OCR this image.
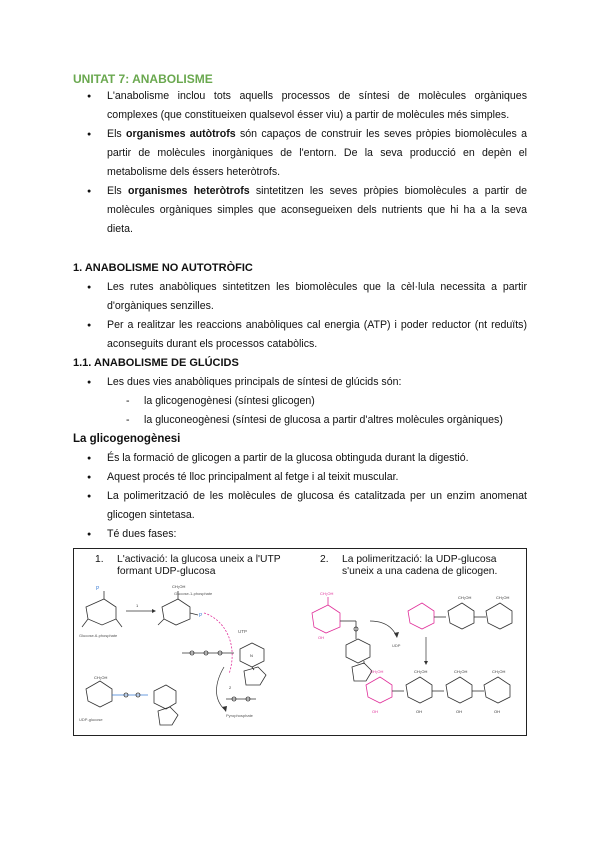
UNITAT 7: ANABOLISME
● L'anabolisme inclou tots aquells processos de síntesi de molècules orgàniques complexes (que constitueixen qualsevol ésser viu) a partir de molècules més simples.
● Els organismes autòtrofs són capaços de construir les seves pròpies biomolècules a partir de molècules inorgàniques de l'entorn. De la seva producció en depèn el metabolisme dels éssers heteròtrofs.
● Els organismes heteròtrofs sintetitzen les seves pròpies biomolècules a partir de molècules orgàniques simples que aconsegueixen dels nutrients que hi ha a la seva dieta.
1. ANABOLISME NO AUTOTRÒFIC
● Les rutes anabòliques sintetitzen les biomolècules que la cèl·lula necessita a partir d'orgàniques senzilles.
● Per a realitzar les reaccions anabòliques cal energia (ATP) i poder reductor (nt reduïts) aconseguits durant els processos catabòlics.
1.1. ANABOLISME DE GLÚCIDS
● Les dues vies anabòliques principals de síntesi de glúcids són:
- la glicogenogènesi (síntesi glicogen)
- la gluconeogènesi (síntesi de glucosa a partir d'altres molècules orgàniques)
La glicogenogènesi
● És la formació de glicogen a partir de la glucosa obtinguda durant la digestió.
● Aquest procés té lloc principalment al fetge i al teixit muscular.
● La polimerització de les molècules de glucosa és catalitzada per un enzim anomenat glicogen sintetasa.
● Té dues fases:
1. L'activació: la glucosa uneix a l'UTP formant UDP-glucosa
2. La polimerització: la UDP-glucosa s'uneix a una cadena de glicogen.
P
Glucose-6-phosphate
1
CH₂OH
Glucose-1-phosphate
P
UTP
N
2
CH₂OH
UDP-glucose
Pyrophosphate
CH₂OH
OH
UDP
CH₂OH	CH₂OH
CH₂OH	CH₂OH	CH₂OH	CH₂OH
OH	OH	OH	OH
